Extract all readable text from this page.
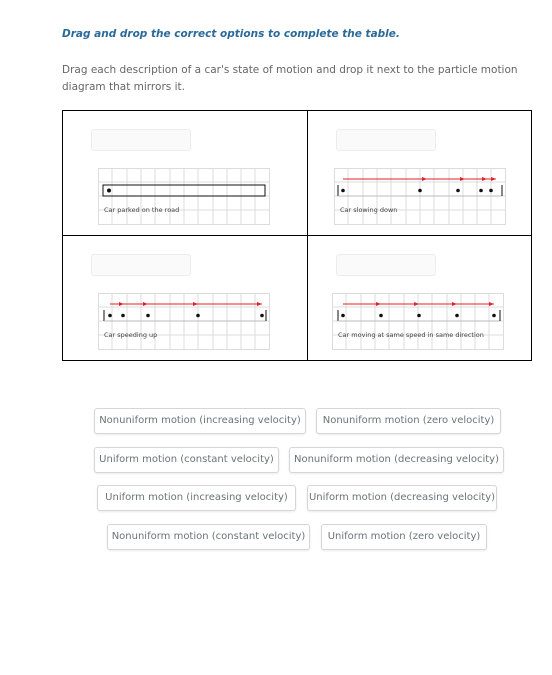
Drag and drop the correct options to complete the table.
Drag each description of a car's state of motion and drop it next to the particle motion diagram that mirrors it.
Car parked on the road	Car slowing down
Car speeding up	Car moving at same speed in same direction
Nonuniform motion (increasing velocity)	Nonuniform motion (zero velocity)
Uniform motion (constant velocity)	Nonuniform motion (decreasing velocity)
Uniform motion (increasing velocity)	Uniform motion (decreasing velocity)
Nonuniform motion (constant velocity)	Uniform motion (zero velocity)
